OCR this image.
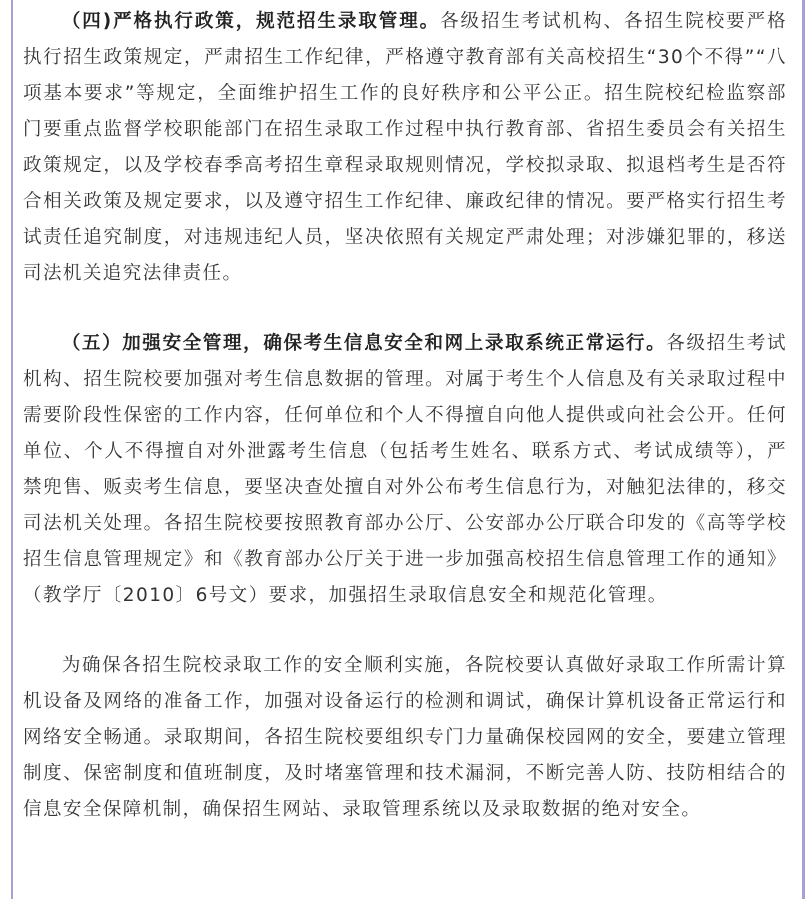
（四)严格执行政策，规范招生录取管理。各级招生考试机构、各招生院校要严格执行招生政策规定，严肃招生工作纪律，严格遵守教育部有关高校招生“30个不得”“八项基本要求”等规定，全面维护招生工作的良好秩序和公平公正。招生院校纪检监察部门要重点监督学校职能部门在招生录取工作过程中执行教育部、省招生委员会有关招生政策规定，以及学校春季高考招生章程录取规则情况，学校拟录取、拟退档考生是否符合相关政策及规定要求，以及遵守招生工作纪律、廉政纪律的情况。要严格实行招生考试责任追究制度，对违规违纪人员，坚决依照有关规定严肃处理；对涉嫌犯罪的，移送司法机关追究法律责任。

（五）加强安全管理，确保考生信息安全和网上录取系统正常运行。各级招生考试机构、招生院校要加强对考生信息数据的管理。对属于考生个人信息及有关录取过程中需要阶段性保密的工作内容，任何单位和个人不得擅自向他人提供或向社会公开。任何单位、个人不得擅自对外泄露考生信息（包括考生姓名、联系方式、考试成绩等），严禁兜售、贩卖考生信息，要坚决查处擅自对外公布考生信息行为，对触犯法律的，移交司法机关处理。各招生院校要按照教育部办公厅、公安部办公厅联合印发的《高等学校招生信息管理规定》和《教育部办公厅关于进一步加强高校招生信息管理工作的通知》（教学厅〔2010〕6号文）要求，加强招生录取信息安全和规范化管理。

为确保各招生院校录取工作的安全顺利实施，各院校要认真做好录取工作所需计算机设备及网络的准备工作，加强对设备运行的检测和调试，确保计算机设备正常运行和网络安全畅通。录取期间，各招生院校要组织专门力量确保校园网的安全，要建立管理制度、保密制度和值班制度，及时堵塞管理和技术漏洞，不断完善人防、技防相结合的信息安全保障机制，确保招生网站、录取管理系统以及录取数据的绝对安全。
